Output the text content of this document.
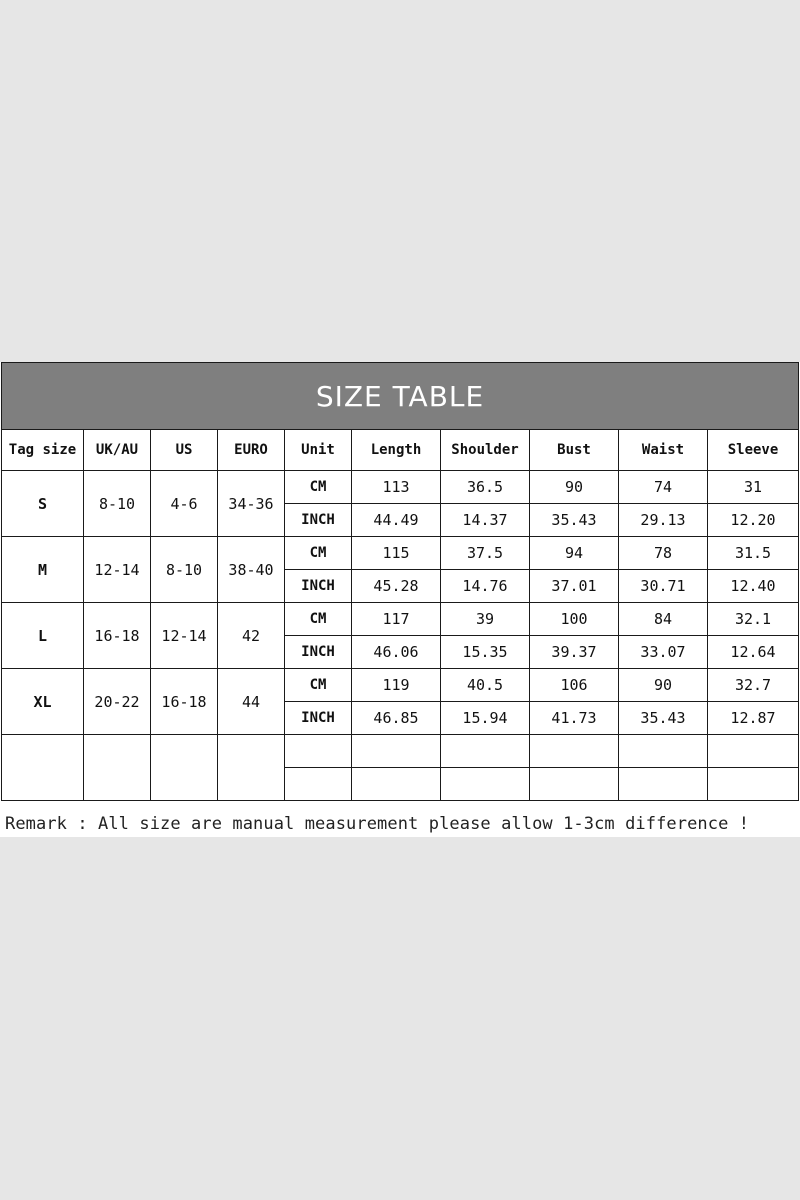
SIZE TABLE									
Tag size	UK/AU	US	EURO	Unit	Length	Shoulder	Bust	Waist	Sleeve
S	8-10	4-6	34-36	CM	113	36.5	90	74	31
				INCH	44.49	14.37	35.43	29.13	12.20
M	12-14	8-10	38-40	CM	115	37.5	94	78	31.5
				INCH	45.28	14.76	37.01	30.71	12.40
L	16-18	12-14	42	CM	117	39	100	84	32.1
				INCH	46.06	15.35	39.37	33.07	12.64
XL	20-22	16-18	44	CM	119	40.5	106	90	32.7
				INCH	46.85	15.94	41.73	35.43	12.87

Remark : All size are manual measurement please allow 1-3cm difference !
